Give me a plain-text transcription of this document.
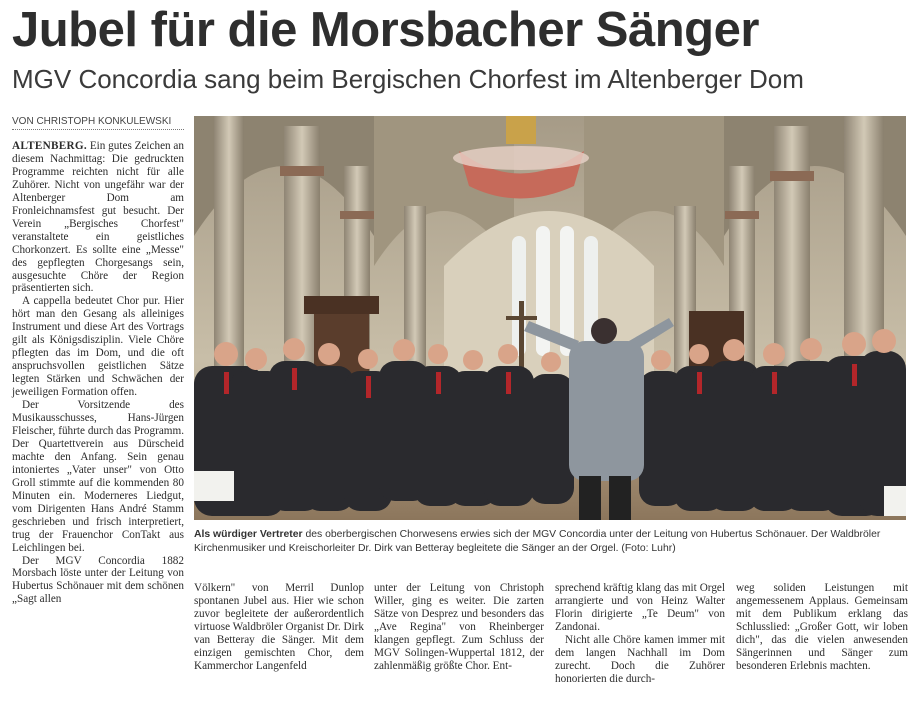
Jubel für die Morsbacher Sänger
MGV Concordia sang beim Bergischen Chorfest im Altenberger Dom
VON CHRISTOPH KONKULEWSKI

ALTENBERG. Ein gutes Zeichen an diesem Nachmittag: Die gedruckten Programme reichten nicht für alle Zuhörer. Nicht von ungefähr war der Altenberger Dom am Fronleichnamsfest gut besucht. Der Verein „Bergisches Chorfest" veranstaltete ein geistliches Chorkonzert. Es sollte eine „Messe" des gepflegten Chorgesangs sein, ausgesuchte Chöre der Region präsentierten sich.

A cappella bedeutet Chor pur. Hier hört man den Gesang als alleiniges Instrument und diese Art des Vortrags gilt als Königsdisziplin. Viele Chöre pflegten das im Dom, und die oft anspruchsvollen geistlichen Sätze legten Stärken und Schwächen der jeweiligen Formation offen.

Der Vorsitzende des Musikausschusses, Hans-Jürgen Fleischer, führte durch das Programm. Der Quartettverein aus Dürscheid machte den Anfang. Sein genau intoniertes „Vater unser" von Otto Groll stimmte auf die kommenden 80 Minuten ein. Moderneres Liedgut, vom Dirigenten Hans André Stamm geschrieben und frisch interpretiert, trug der Frauenchor ConTakt aus Leichlingen bei.

Der MGV Concordia 1882 Morsbach löste unter der Leitung von Hubertus Schönauer mit dem schönen „Sagt allen

Als würdiger Vertreter des oberbergischen Chorwesens erwies sich der MGV Concordia unter der Leitung von Hubertus Schönauer. Der Waldbröler Kirchenmusiker und Kreischorleiter Dr. Dirk van Betteray begleitete die Sänger an der Orgel. (Foto: Luhr)

Völkern" von Merril Dunlop spontanen Jubel aus. Hier wie schon zuvor begleitete der außerordentlich virtuose Waldbröler Organist Dr. Dirk van Betteray die Sänger. Mit dem einzigen gemischten Chor, dem Kammerchor Langenfeld

unter der Leitung von Christoph Willer, ging es weiter. Die zarten Sätze von Desprez und besonders das „Ave Regina" von Rheinberger klangen gepflegt. Zum Schluss der MGV Solingen-Wuppertal 1812, der zahlenmäßig größte Chor. Ent-

sprechend kräftig klang das mit Orgel arrangierte und von Heinz Walter Florin dirigierte „Te Deum" von Zandonai.

Nicht alle Chöre kamen immer mit dem langen Nachhall im Dom zurecht. Doch die Zuhörer honorierten die durch-

weg soliden Leistungen mit angemessenem Applaus. Gemeinsam mit dem Publikum erklang das Schlusslied: „Großer Gott, wir loben dich", das die vielen anwesenden Sängerinnen und Sänger zum besonderen Erlebnis machten.
